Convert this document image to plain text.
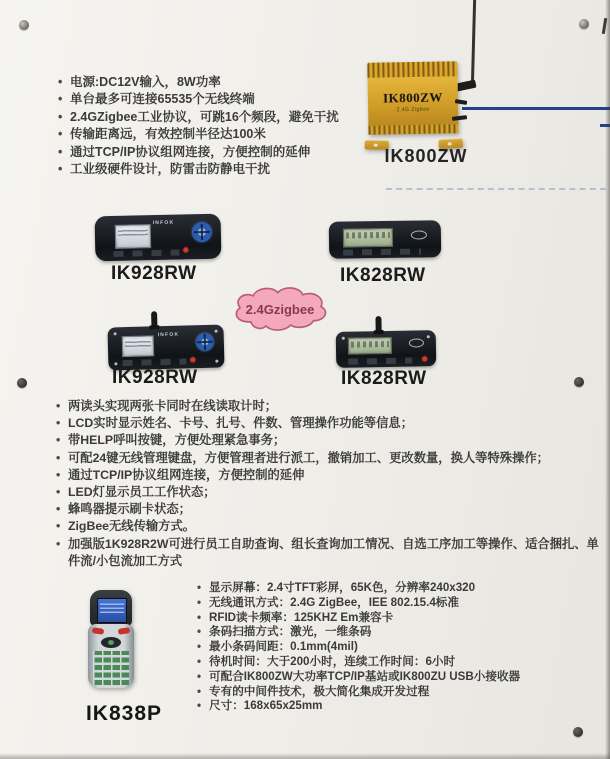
• 电源:DC12V输入，8W功率
• 单台最多可连接65535个无线终端
• 2.4GZigbee工业协议，可跳16个频段，避免干扰
• 传输距离远，有效控制半径达100米
• 通过TCP/IP协议组网连接，方便控制的延伸
• 工业级硬件设计，防雷击防静电干扰
IK800ZW
2.4G Zigbee
IK800ZW
INFOK
IK928RW	IK828RW
2.4Gzigbee
INFOK
IK928RW	IK828RW
• 两读头实现两张卡同时在线读取计时；
• LCD实时显示姓名、卡号、扎号、件数、管理操作功能等信息；
• 带HELP呼叫按键，方便处理紧急事务；
• 可配24键无线管理键盘，方便管理者进行派工，撤销加工、更改数量，换人等特殊操作；
• 通过TCP/IP协议组网连接，方便控制的延伸
• LED灯显示员工工作状态；
• 蜂鸣器提示刷卡状态；
• ZigBee无线传输方式。
• 加强版1K928R2W可进行员工自助查询、组长查询加工情况、自选工序加工等操作、适合捆扎、单件流/小包流加工方式
IK838P
• 显示屏幕：2.4寸TFT彩屏，65K色，分辨率240x320
• 无线通讯方式：2.4G ZigBee，IEE 802.15.4标准
• RFID读卡频率：125KHZ Em兼容卡
• 条码扫描方式：激光，一维条码
• 最小条码间距：0.1mm(4mil)
• 待机时间：大于200小时，连续工作时间：6小时
• 可配合IK800ZW大功率TCP/IP基站或IK800ZU USB小接收器
• 专有的中间件技术，极大简化集成开发过程
• 尺寸：168x65x25mm
